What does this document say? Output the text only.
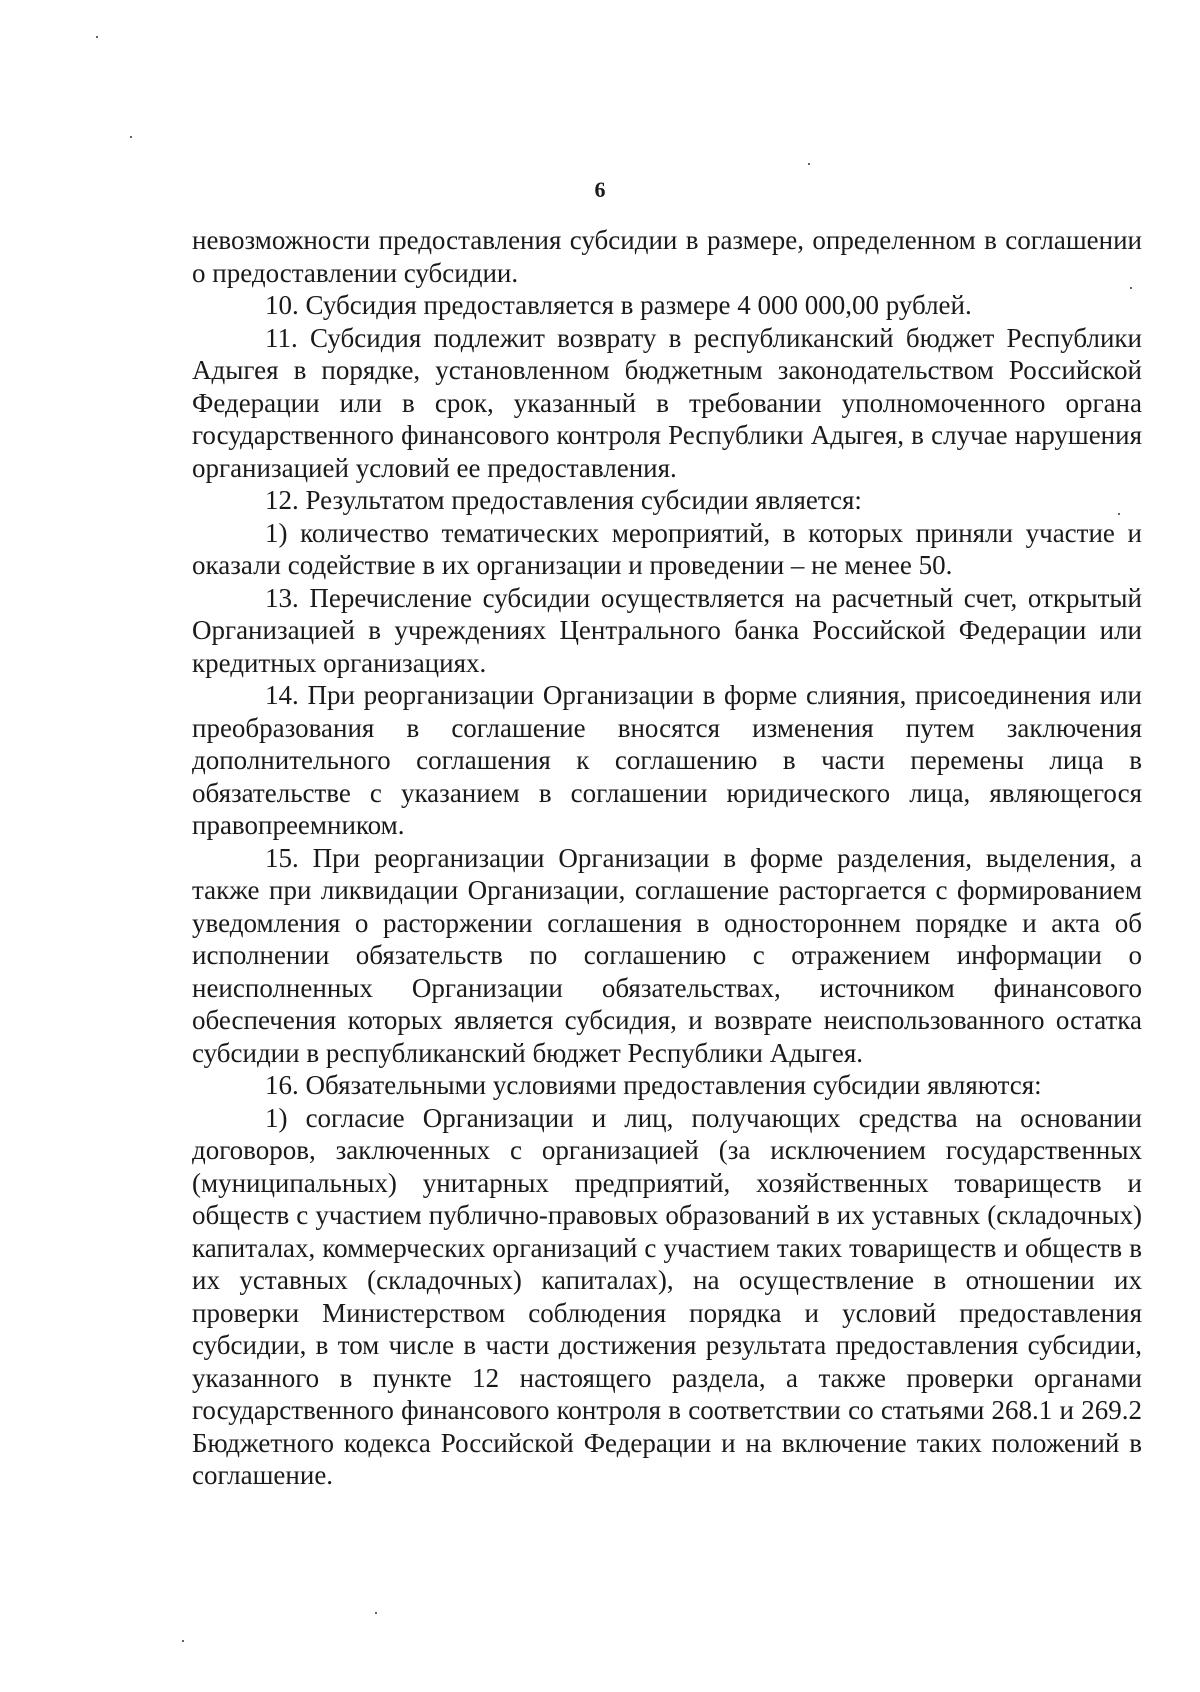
6

невозможности предоставления субсидии в размере, определенном в соглашении о предоставлении субсидии.

10. Субсидия предоставляется в размере 4 000 000,00 рублей.

11. Субсидия подлежит возврату в республиканский бюджет Республики Адыгея в порядке, установленном бюджетным законодательством Российской Федерации или в срок, указанный в требовании уполномоченного органа государственного финансового контроля Республики Адыгея, в случае нарушения организацией условий ее предоставления.

12. Результатом предоставления субсидии является:

1) количество тематических мероприятий, в которых приняли участие и оказали содействие в их организации и проведении – не менее 50.

13. Перечисление субсидии осуществляется на расчетный счет, открытый Организацией в учреждениях Центрального банка Российской Федерации или кредитных организациях.

14. При реорганизации Организации в форме слияния, присоединения или преобразования в соглашение вносятся изменения путем заключения дополнительного соглашения к соглашению в части перемены лица в обязательстве с указанием в соглашении юридического лица, являющегося правопреемником.

15. При реорганизации Организации в форме разделения, выделения, а также при ликвидации Организации, соглашение расторгается с формированием уведомления о расторжении соглашения в одностороннем порядке и акта об исполнении обязательств по соглашению с отражением информации о неисполненных Организации обязательствах, источником финансового обеспечения которых является субсидия, и возврате неиспользованного остатка субсидии в республиканский бюджет Республики Адыгея.

16. Обязательными условиями предоставления субсидии являются:

1) согласие Организации и лиц, получающих средства на основании договоров, заключенных с организацией (за исключением государственных (муниципальных) унитарных предприятий, хозяйственных товариществ и обществ с участием публично-правовых образований в их уставных (складочных) капиталах, коммерческих организаций с участием таких товариществ и обществ в их уставных (складочных) капиталах), на осуществление в отношении их проверки Министерством соблюдения порядка и условий предоставления субсидии, в том числе в части достижения результата предоставления субсидии, указанного в пункте 12 настоящего раздела, а также проверки органами государственного финансового контроля в соответствии со статьями 268.1 и 269.2 Бюджетного кодекса Российской Федерации и на включение таких положений в соглашение.
